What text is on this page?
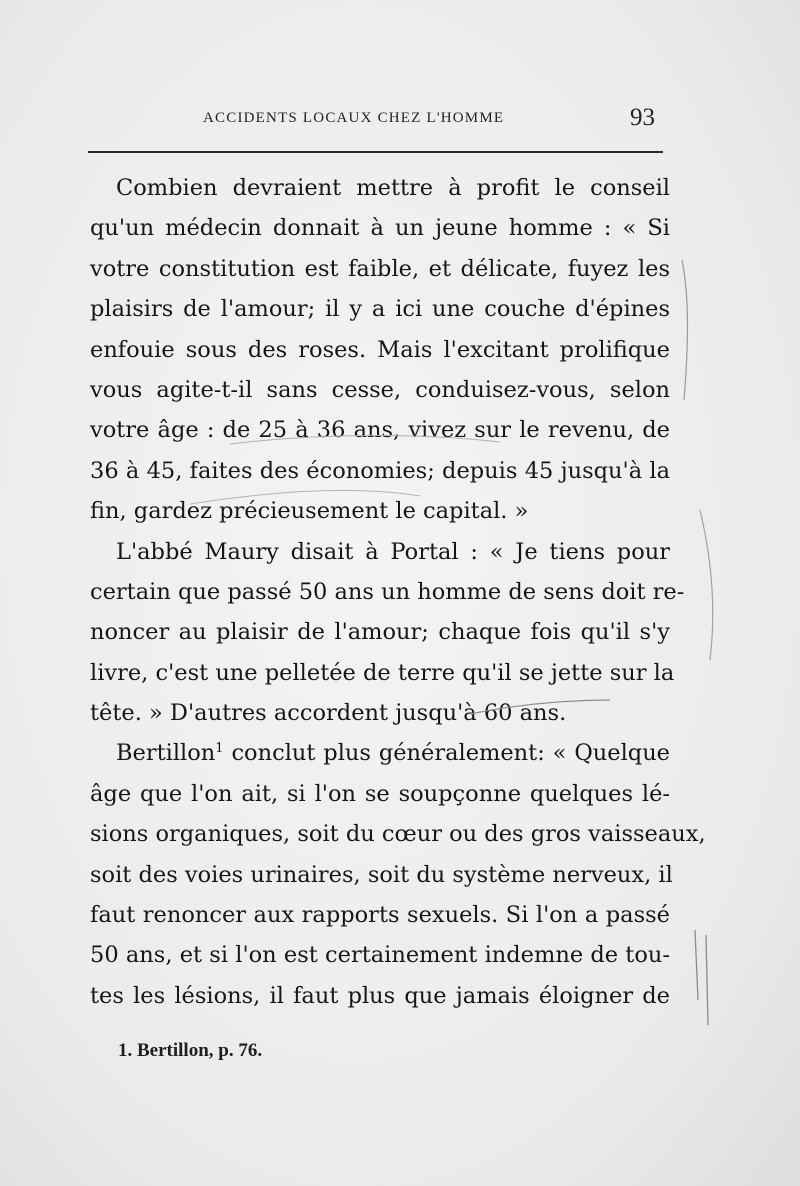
ACCIDENTS LOCAUX CHEZ L'HOMME	93
Combien devraient mettre à profit le conseil
qu'un médecin donnait à un jeune homme : « Si
votre constitution est faible, et délicate, fuyez les
plaisirs de l'amour; il y a ici une couche d'épines
enfouie sous des roses. Mais l'excitant prolifique
vous agite-t-il sans cesse, conduisez-vous, selon
votre âge : de 25 à 36 ans, vivez sur le revenu, de
36 à 45, faites des économies; depuis 45 jusqu'à la
fin, gardez précieusement le capital. »
L'abbé Maury disait à Portal : « Je tiens pour
certain que passé 50 ans un homme de sens doit re-
noncer au plaisir de l'amour; chaque fois qu'il s'y
livre, c'est une pelletée de terre qu'il se jette sur la
tête. » D'autres accordent jusqu'à 60 ans.
Bertillon$^1$ conclut plus généralement: « Quelque
âge que l'on ait, si l'on se soupçonne quelques lé-
sions organiques, soit du cœur ou des gros vaisseaux,
soit des voies urinaires, soit du système nerveux, il
faut renoncer aux rapports sexuels. Si l'on a passé
50 ans, et si l'on est certainement indemne de tou-
tes les lésions, il faut plus que jamais éloigner de
1. Bertillon, p. 76.
